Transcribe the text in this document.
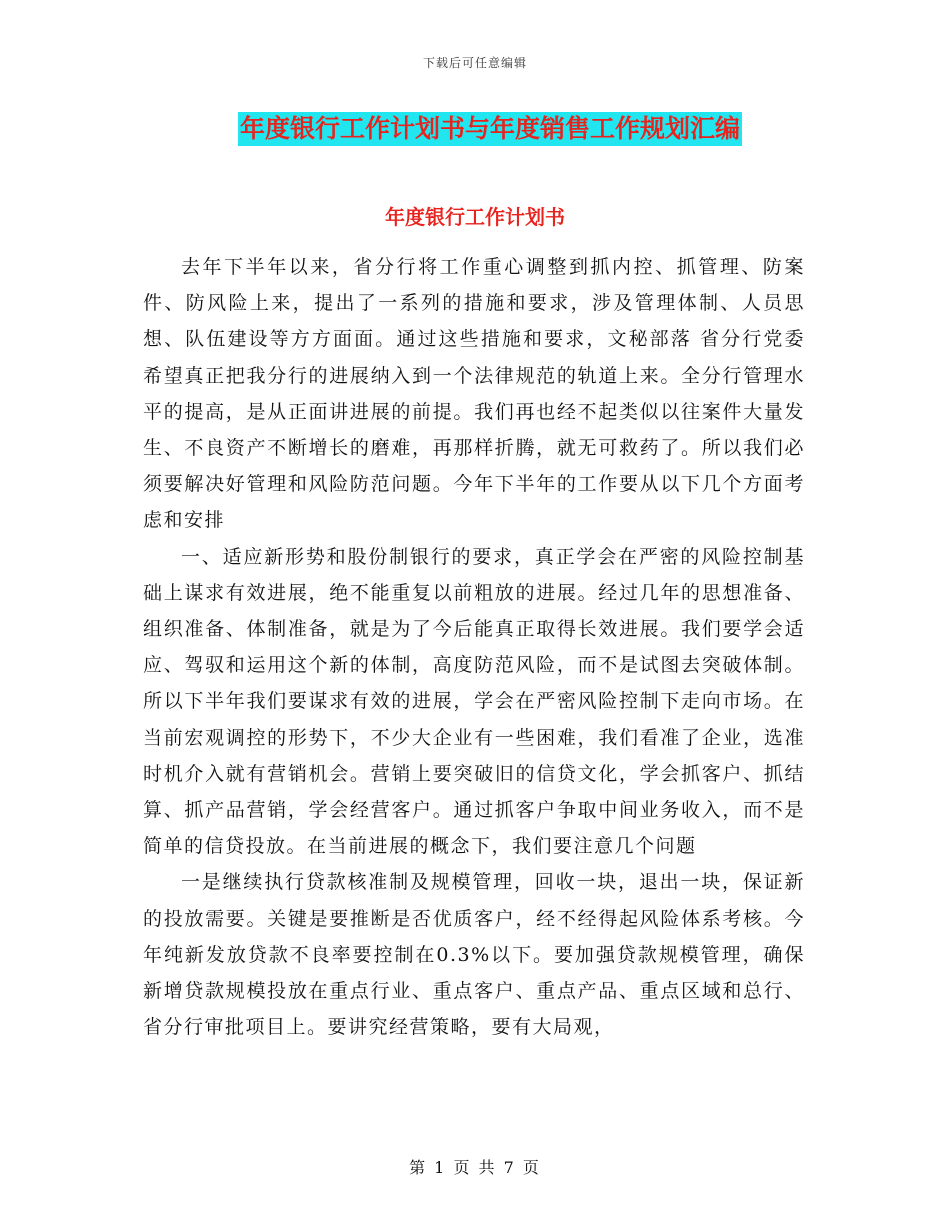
下载后可任意编辑
年度银行工作计划书与年度销售工作规划汇编
年度银行工作计划书

去年下半年以来，省分行将工作重心调整到抓内控、抓管理、防案件、防风险上来，提出了一系列的措施和要求，涉及管理体制、人员思想、队伍建设等方方面面。通过这些措施和要求，文秘部落 省分行党委希望真正把我分行的进展纳入到一个法律规范的轨道上来。全分行管理水平的提高，是从正面讲进展的前提。我们再也经不起类似以往案件大量发生、不良资产不断增长的磨难，再那样折腾，就无可救药了。所以我们必须要解决好管理和风险防范问题。今年下半年的工作要从以下几个方面考虑和安排

一、适应新形势和股份制银行的要求，真正学会在严密的风险控制基础上谋求有效进展，绝不能重复以前粗放的进展。经过几年的思想准备、组织准备、体制准备，就是为了今后能真正取得长效进展。我们要学会适应、驾驭和运用这个新的体制，高度防范风险，而不是试图去突破体制。所以下半年我们要谋求有效的进展，学会在严密风险控制下走向市场。在当前宏观调控的形势下，不少大企业有一些困难，我们看准了企业，选准时机介入就有营销机会。营销上要突破旧的信贷文化，学会抓客户、抓结算、抓产品营销，学会经营客户。通过抓客户争取中间业务收入，而不是简单的信贷投放。在当前进展的概念下，我们要注意几个问题

一是继续执行贷款核准制及规模管理，回收一块，退出一块，保证新的投放需要。关键是要推断是否优质客户，经不经得起风险体系考核。今年纯新发放贷款不良率要控制在0.3%以下。要加强贷款规模管理，确保新增贷款规模投放在重点行业、重点客户、重点产品、重点区域和总行、省分行审批项目上。要讲究经营策略，要有大局观，

第 1 页 共 7 页
